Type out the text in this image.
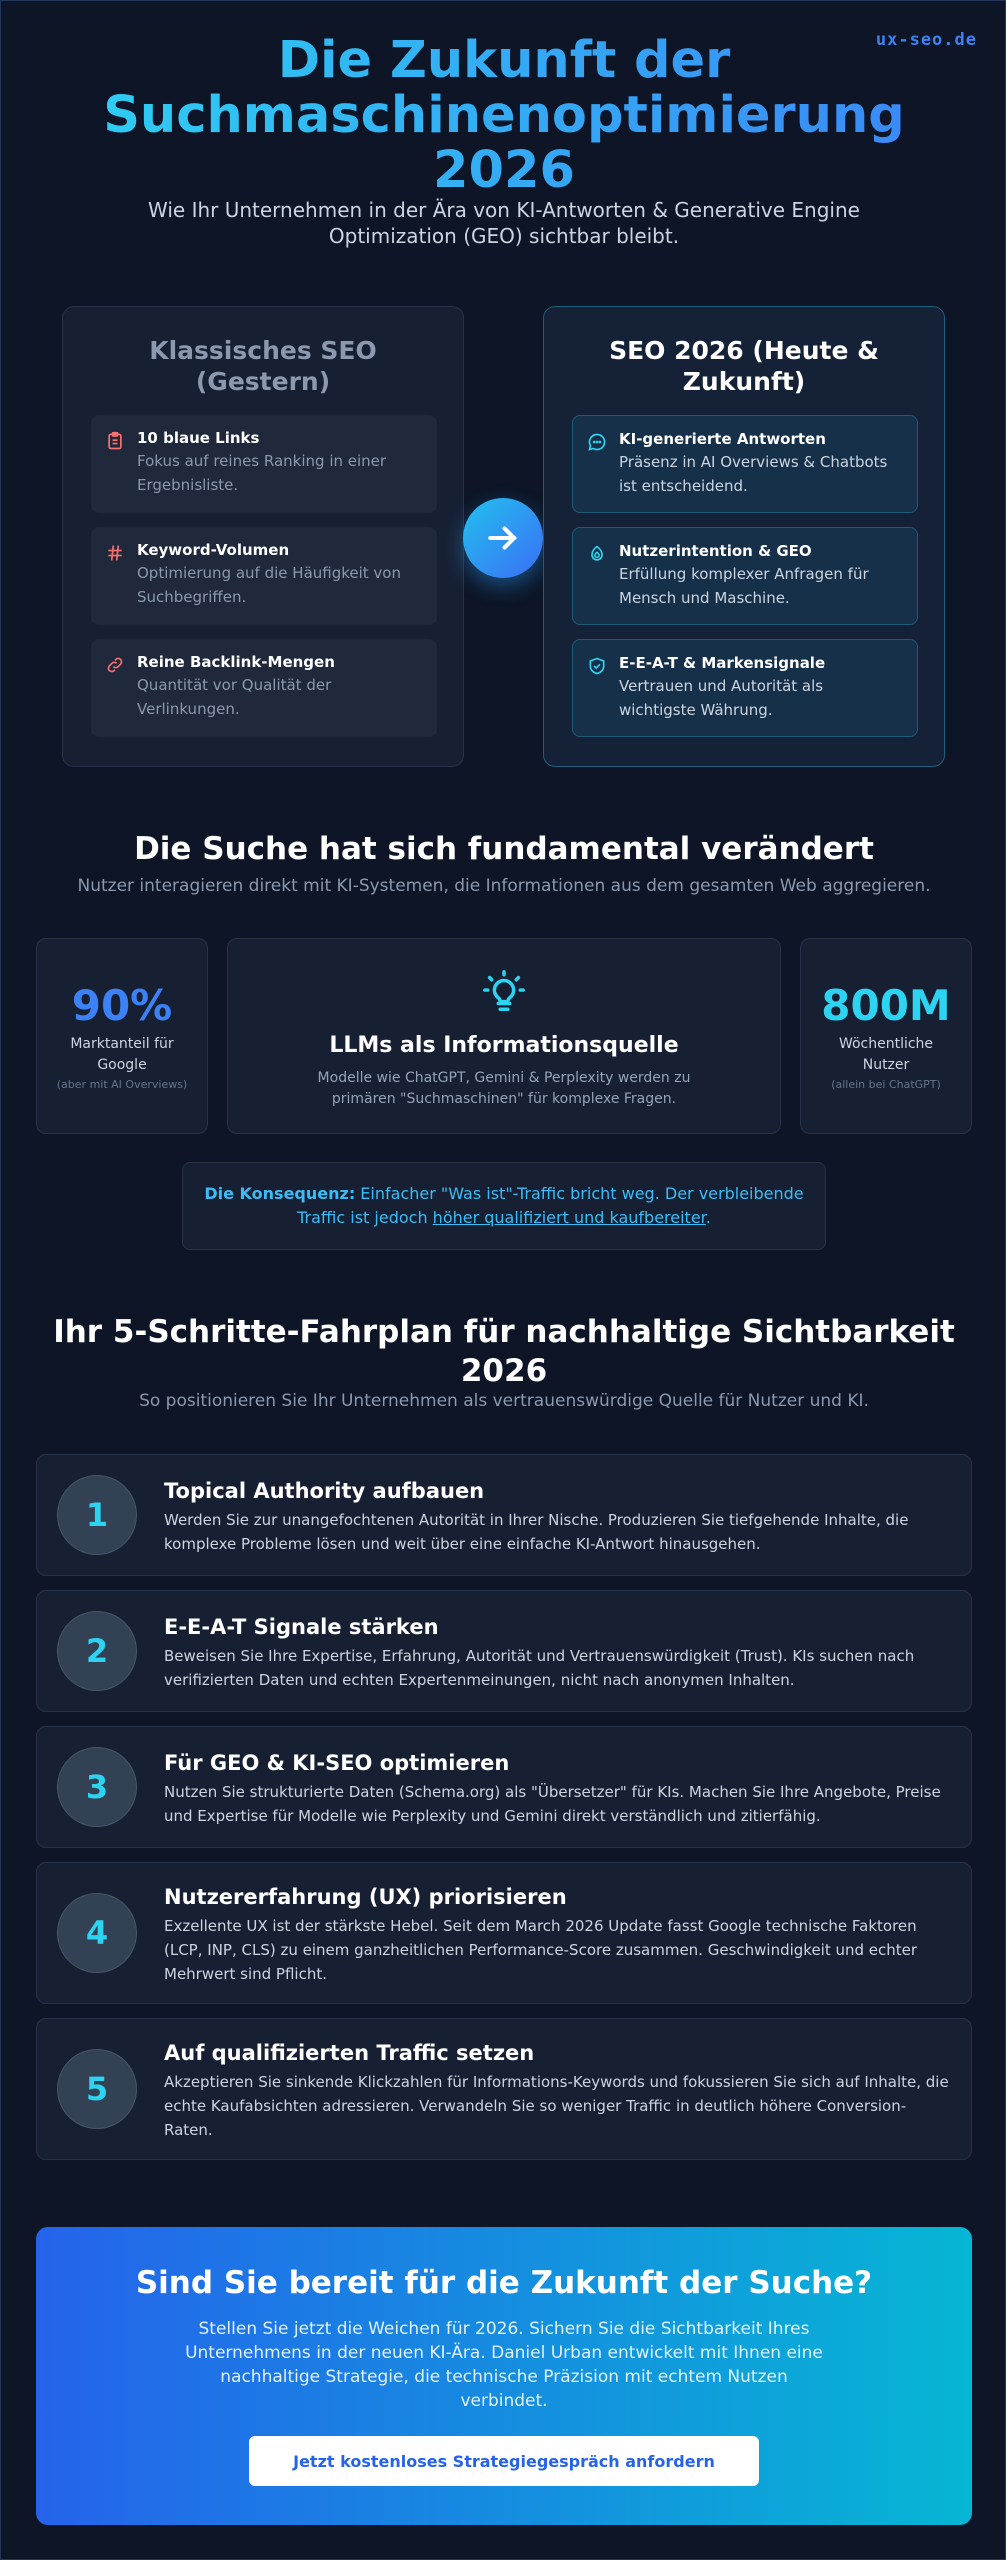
Die Zukunft der
Suchmaschinenoptimierung
2026

Wie Ihr Unternehmen in der Ära von KI-Antworten & Generative Engine Optimization (GEO) sichtbar bleibt.

Klassisches SEO (Gestern)
10 blaue Links
Fokus auf reines Ranking in einer Ergebnisliste.
Keyword-Volumen
Optimierung auf die Häufigkeit von Suchbegriffen.
Reine Backlink-Mengen
Quantität vor Qualität der Verlinkungen.
SEO 2026 (Heute & Zukunft)
KI-generierte Antworten
Präsenz in AI Overviews & Chatbots ist entscheidend.
Nutzerintention & GEO
Erfüllung komplexer Anfragen für Mensch und Maschine.
E-E-A-T & Markensignale
Vertrauen und Autorität als wichtigste Währung.
Die Suche hat sich fundamental verändert

Nutzer interagieren direkt mit KI-Systemen, die Informationen aus dem gesamten Web aggregieren.

90%
Marktanteil für Google
(aber mit AI Overviews)
LLMs als Informationsquelle
Modelle wie ChatGPT, Gemini & Perplexity werden zu primären "Suchmaschinen" für komplexe Fragen.
800M
Wöchentliche Nutzer
(allein bei ChatGPT)
Die Konsequenz: Einfacher "Was ist"-Traffic bricht weg. Der verbleibende Traffic ist jedoch höher qualifiziert und kaufbereiter.
Ihr 5-Schritte-Fahrplan für nachhaltige Sichtbarkeit 2026

So positionieren Sie Ihr Unternehmen als vertrauenswürdige Quelle für Nutzer und KI.

1
Topical Authority aufbauen
Werden Sie zur unangefochtenen Autorität in Ihrer Nische. Produzieren Sie tiefgehende Inhalte, die komplexe Probleme lösen und weit über eine einfache KI-Antwort hinausgehen.
2
E-E-A-T Signale stärken
Beweisen Sie Ihre Expertise, Erfahrung, Autorität und Vertrauenswürdigkeit (Trust). KIs suchen nach verifizierten Daten und echten Expertenmeinungen, nicht nach anonymen Inhalten.
3
Für GEO & KI-SEO optimieren
Nutzen Sie strukturierte Daten (Schema.org) als "Übersetzer" für KIs. Machen Sie Ihre Angebote, Preise und Expertise für Modelle wie Perplexity und Gemini direkt verständlich und zitierfähig.
4
Nutzererfahrung (UX) priorisieren
Exzellente UX ist der stärkste Hebel. Seit dem March 2026 Update fasst Google technische Faktoren (LCP, INP, CLS) zu einem ganzheitlichen Performance-Score zusammen. Geschwindigkeit und echter Mehrwert sind Pflicht.
5
Auf qualifizierten Traffic setzen
Akzeptieren Sie sinkende Klickzahlen für Informations-Keywords und fokussieren Sie sich auf Inhalte, die echte Kaufabsichten adressieren. Verwandeln Sie so weniger Traffic in deutlich höhere Conversion-Raten.
Sind Sie bereit für die Zukunft der Suche?
Stellen Sie jetzt die Weichen für 2026. Sichern Sie die Sichtbarkeit Ihres Unternehmens in der neuen KI-Ära. Daniel Urban entwickelt mit Ihnen eine nachhaltige Strategie, die technische Präzision mit echtem Nutzen verbindet.
Jetzt kostenloses Strategiegespräch anfordern
